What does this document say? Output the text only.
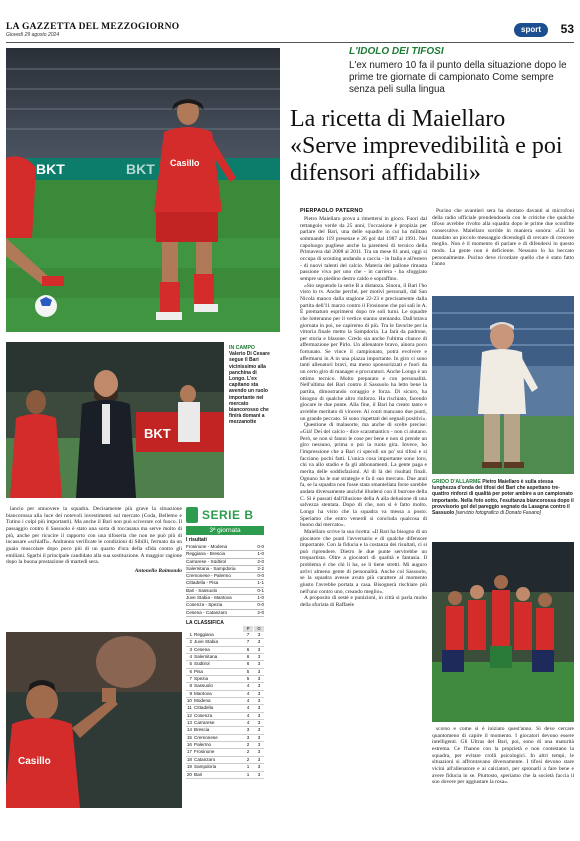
LA GAZZETTA DEL MEZZOGIORNO
Giovedì 29 agosto 2024
sport	53
BKT	BKT Casillo
L'IDOLO DEI TIFOSI
L'ex numero 10 fa il punto della situazione dopo le prime tre giornate di campionato Come sempre senza peli sulla lingua
La ricetta di Maiellaro «Serve imprevedibilità e poi difensori affidabili»
PIERPAOLO PATERNO
BKT
IN CAMPO
Valerio Di Cesare segue il Bari vicinissimo alla panchina di Longo. L'ex capitano sta avendo un ruolo importante nel mercato biancorosso che finirà domani a mezzanotte

lancio per smuovere la squadra. Decisamente più grave la situazione biancorossa alla luce dei notevoli investimenti sul mercato (Coda, Bellemo e Tutino i colpi più importanti). Ma anche il Bari non può sciverare col fuoco. Il passaggio contro il Sassuolo è stato una sorta di toccasana ma serve molto di più, anche per ricucire il rapporto con una tifoseria che non ne può più di incassare «schiaffi». Andranno verificate le condizioni di Sibilli, fermato da un guaio muscolare dopo poco più di un quarto d'ora della sfida contro gli emiliani. Sgarbi il principale candidato alla sua sostituzione. A maggior ragione dopo la buona prestazione di martedì sera.

Antonello Raimondo
SERIE B
3ª giornata
I risultati
Frosinone - Modena	0-0
Reggiana - Brescia	1-0
Carrarese - Südtirol	2-0
Salernitana - Sampdoria	2-2
Cremonese - Palermo	0-0
Cittadella - Pisa	1-1
Bari - Sassuolo	0-1
Juve Stabia - Mantova	1-0
Cosenza - Spezia	0-0
Cesena - Catanzaro	2-0
LA CLASSIFICA
P	G
1 Reggiana	7	3
2 Juve Stabia	7	3
3 Cesena	6	3
4 Salernitana	6	3
5 Südtirol	6	3
6 Pisa	5	3
7 Spezia	5	3
8 Sassuolo	4	3
9 Mantova	4	3
10 Modena	4	3
11 Cittadella	4	3
12 Cosenza	4	3
13 Carrarese	4	3
14 Brescia	3	3
15 Cremonese	3	3
16 Palermo	2	3
17 Frosinone	2	3
18 Catanzaro	2	3
19 Sampdoria	1	3
20 Bari	1	3
Casillo

Pietro Maiellaro prova a rimettersi in gioco. Fuori dal rettangolo verde da 25 anni, l'occasione è propizia per parlare del Bari, una delle squadre in cui ha militato sommando 119 presenze e 26 gol dal 1987 al 1991. Nel capoluogo pugliese anche la parentesi di tecnico della Primavera dal 2008 al 2011. Tra un mese 61 anni, oggi si occupa di scouting andando a caccia - in Italia e all'estero - di nuovi talenti del calcio. Materia del pallone rimasta passione viva per uno che - in carriera - ha sfoggiato sempre un piedino destro caldo e sopraffino.

«Sto seguendo la serie B a distanza. Sinora, il Bari l'ho visto in tv. Anche perché, per motivi personali, dal San Nicola manco dalla stagione 22-23 e precisamente dalla partita dell'11 marzo contro il Frosinone che poi salì in A. È prematuro esprimersi dopo tre soli turni. Le squadre che lotteranno per il vertice stanno stentando. Dall'ottava giornata in poi, ne capiremo di più. Tra le favorite per la vittoria finale metto la Sampdoria. La farà da padrone, per storia e blasone. Credo sia anche l'ultima chance di affermazione per Pirlo. Un allenatore bravo, ainora poco fortunato. Se vince il campionato, potrà evolvere e affermarsi in A in una piazza importante. In giro ci sono tanti allenatori bravi, ma meno sponsorizzati e fuori da un certo giro di manager e procuratori. Anche Longo è un ottimo tecnico. Molto preparato e con personalità. Nell'ultima del Bari contro il Sassuolo ha letto bene la partita, dimostrando coraggio e forza. Di sicuro, ha bisogno di qualche altro rinforzo. Ha rischiato, facendo giocare le due punte. Alla fine, il Bari ha creato tanto e avrebbe meritato di vincere. Ai conti mancano due punti, un grande peccato. Si sono rispettati dei segnali positivi».

Questione di malasorte, ma anche di scelte precise: «Già! Dei del calcio - dice scaramantico - non ci aiutano. Però, se non si fanno le cose per bene e non si prende un giro nessuno, prima o poi la ruota gira. Invece, ho l'impressione che a Bari ci speculi un po' sui tifosi e si facciano pochi fatti. L'unica cosa importante sono loro, chi va allo stadio e fa gli abbonamenti. La gente paga e merita delle soddisfazioni. Al di là dei risultati finali. Ognuno ha le sue strategie e fa il suo mercato. Due anni fa, se la squadra non fosse stata smantellata forse sarebbe andata diversamente anziché illudersi con il burrone della C. Si è passati dall'illusione della A alla delusione di una salvezza stentata. Dopo di che, non si è fatto molto. Longo ha visto che la squadra va messa a posto. Speriamo che entro venerdì si concluda qualcosa di buono dal mercato».

Maiellaro scrive la sua ricetta: «Il Bari ha bisogno di un giocatore che punti l'avversario e di qualche difensore importante. Con la fiducia e la costanza dei risultati, ci si può riprendere. Dietro le due punte servirebbe un trequartista. Oltre a giocatori di qualità e fantasia. Il problema è che chi li ha, se li tiene stretti. Mi auguro arrivi almeno gente di personalità. Anche col Sassuolo, se la squadra avesse avuto più carattere al momento giusto l'avrebbe portata a casa. Bisognerà rischiare più nell'uno contro uno, creando meglio».

A proposito di sestè e punizioni, in città si parla molto della sfuriata di Raffaele

Pucino che avantieri sera ha sbottato davanti ai microfoni della radio ufficiale prendendosela con le critiche che qualche tifoso avrebbe rivolto alla squadra dopo le prime due sconfitte consecutive. Maiellaro sorride in maniera sonora: «Gli ho mandato un piccolo messaggio dicendogli di cercare di crescere meglio. Non è il momento di parlare e di difendersi in questo modo. La gente non è deficiente. Nessuno lo ha beccato personalmente. Pucino deve ricordare quello che è stato fatto l'anno

GRIDO D'ALLARME Pietro Maiellaro è sulla stessa lunghezza d'onda dei tifosi del Bari che aspettano tre-quattro rinforzi di qualità per poter ambire a un campionato importante. Nella foto sotto, l'esultanza biancorossa dopo il provvisorio gol del pareggio segnato da Lasagna contro il Sassuolo [servizio fotografico di Donato Fasano]

scorso e come si è iniziato quest'anno. Si deve cercare quantomeno di capire il momento. I giocatori devono essere intelligenti. Gli Ultras del Bari, poi, sono di una maturità estrema. Ce l'hanno con la proprietà e non contestano la squadra, per evitare crolli psicologici. In altri tempi, le situazioni si affrontavano diversamente. I tifosi devono stare vicini all'allenatore e ai calciatori, per spronarli a fare bene e avere fiducia in se. Piuttosto, speriamo che la società faccia il suo dovere per aggiustare la rosa».
